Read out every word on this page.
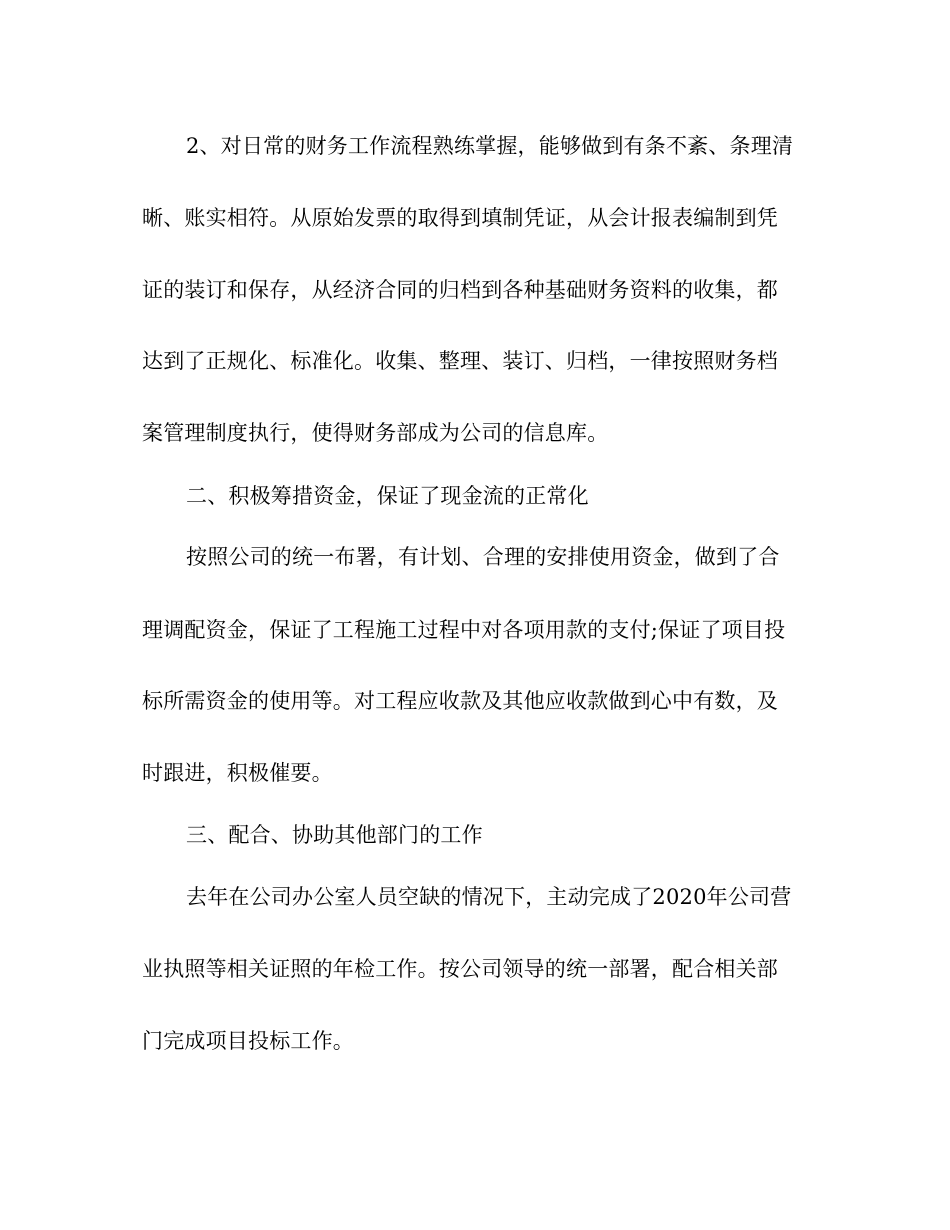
2、对日常的财务工作流程熟练掌握，能够做到有条不紊、条理清
晰、账实相符。从原始发票的取得到填制凭证，从会计报表编制到凭
证的装订和保存，从经济合同的归档到各种基础财务资料的收集，都
达到了正规化、标准化。收集、整理、装订、归档，一律按照财务档
案管理制度执行，使得财务部成为公司的信息库。
二、积极筹措资金，保证了现金流的正常化
按照公司的统一布署，有计划、合理的安排使用资金，做到了合
理调配资金，保证了工程施工过程中对各项用款的支付;保证了项目投
标所需资金的使用等。对工程应收款及其他应收款做到心中有数，及
时跟进，积极催要。
三、配合、协助其他部门的工作
去年在公司办公室人员空缺的情况下，主动完成了2020年公司营
业执照等相关证照的年检工作。按公司领导的统一部署，配合相关部
门完成项目投标工作。
